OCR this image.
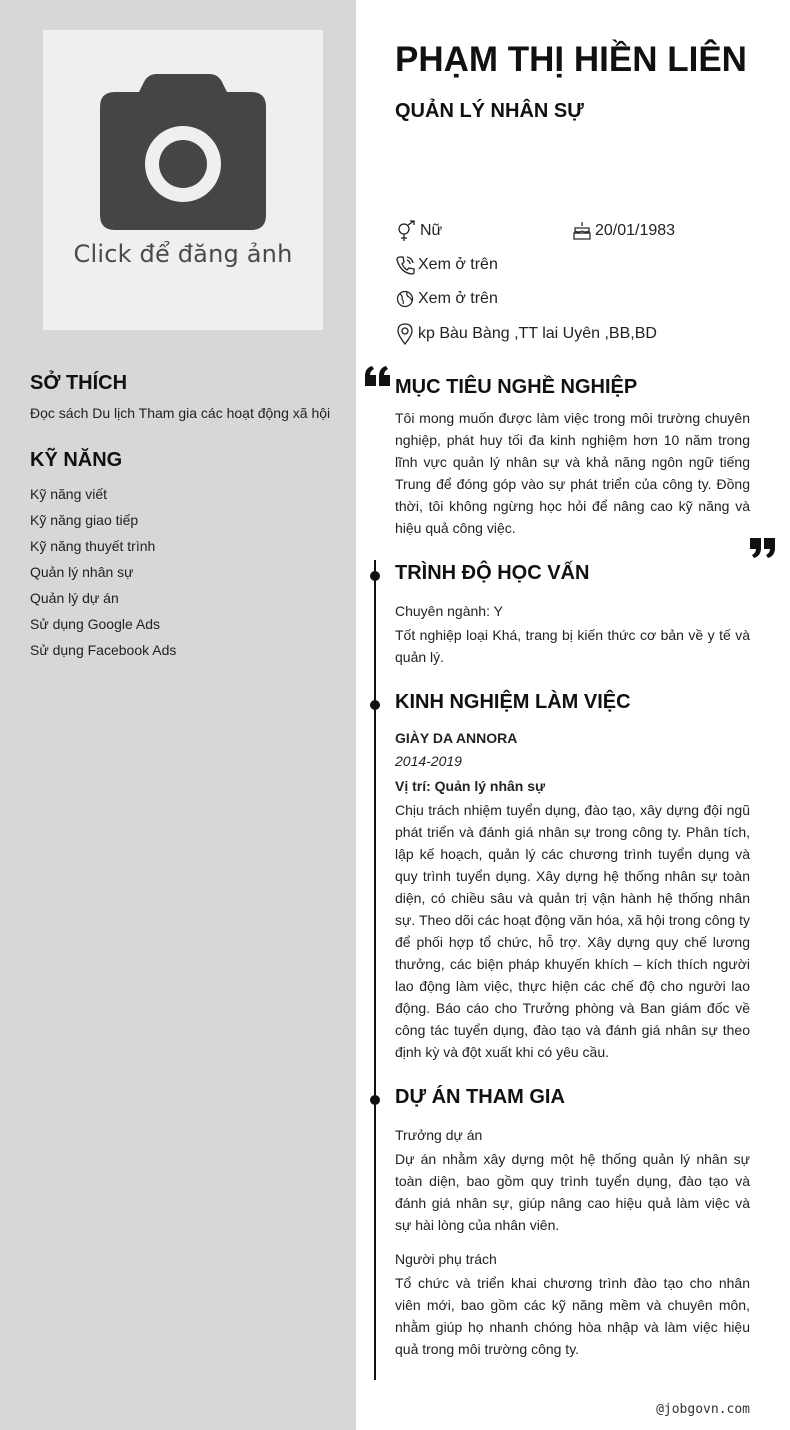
Click để đăng ảnh
SỞ THÍCH
Đọc sách Du lịch Tham gia các hoạt động xã hội
KỸ NĂNG
Kỹ năng viết
Kỹ năng giao tiếp
Kỹ năng thuyết trình
Quản lý nhân sự
Quản lý dự án
Sử dụng Google Ads
Sử dụng Facebook Ads
PHẠM THỊ HIỀN LIÊN
QUẢN LÝ NHÂN SỰ
Nữ	20/01/1983
Xem ở trên
Xem ở trên
kp Bàu Bàng ,TT lai Uyên ,BB,BD
MỤC TIÊU NGHỀ NGHIỆP
Tôi mong muốn được làm việc trong môi trường chuyên nghiệp, phát huy tối đa kinh nghiệm hơn 10 năm trong lĩnh vực quản lý nhân sự và khả năng ngôn ngữ tiếng Trung để đóng góp vào sự phát triển của công ty. Đồng thời, tôi không ngừng học hỏi để nâng cao kỹ năng và hiệu quả công việc.
TRÌNH ĐỘ HỌC VẤN
Chuyên ngành: Y
Tốt nghiệp loại Khá, trang bị kiến thức cơ bản về y tế và quản lý.
KINH NGHIỆM LÀM VIỆC
GIÀY DA ANNORA
2014-2019
Vị trí: Quản lý nhân sự
Chịu trách nhiệm tuyển dụng, đào tạo, xây dựng đội ngũ phát triển và đánh giá nhân sự trong công ty. Phân tích, lập kế hoạch, quản lý các chương trình tuyển dụng và quy trình tuyển dụng. Xây dựng hệ thống nhân sự toàn diện, có chiều sâu và quản trị vận hành hệ thống nhân sự. Theo dõi các hoạt động văn hóa, xã hội trong công ty để phối hợp tổ chức, hỗ trợ. Xây dựng quy chế lương thưởng, các biện pháp khuyến khích – kích thích người lao động làm việc, thực hiện các chế độ cho người lao động. Báo cáo cho Trưởng phòng và Ban giám đốc về công tác tuyển dụng, đào tạo và đánh giá nhân sự theo định kỳ và đột xuất khi có yêu cầu.
DỰ ÁN THAM GIA
Trưởng dự án
Dự án nhằm xây dựng một hệ thống quản lý nhân sự toàn diện, bao gồm quy trình tuyển dụng, đào tạo và đánh giá nhân sự, giúp nâng cao hiệu quả làm việc và sự hài lòng của nhân viên.
Người phụ trách
Tổ chức và triển khai chương trình đào tạo cho nhân viên mới, bao gồm các kỹ năng mềm và chuyên môn, nhằm giúp họ nhanh chóng hòa nhập và làm việc hiệu quả trong môi trường công ty.
@jobgovn.com
